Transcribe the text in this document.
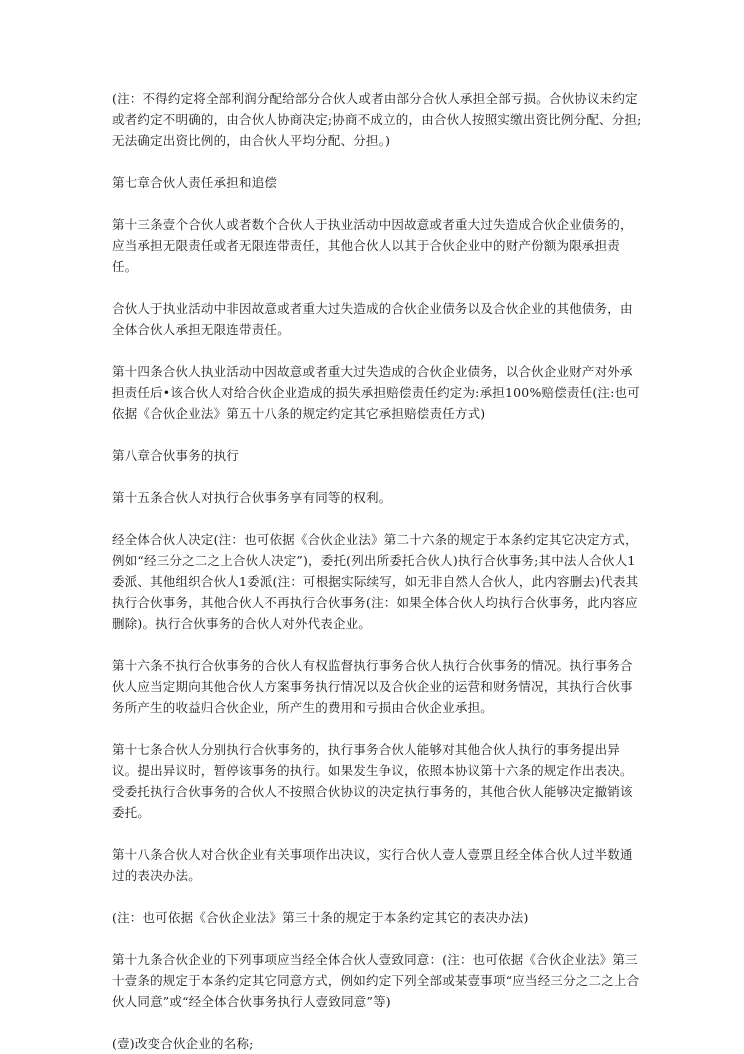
(注：不得约定将全部利润分配给部分合伙人或者由部分合伙人承担全部亏损。合伙协议未约定或者约定不明确的，由合伙人协商决定;协商不成立的，由合伙人按照实缴出资比例分配、分担;无法确定出资比例的，由合伙人平均分配、分担。)

第七章合伙人责任承担和追偿

第十三条壹个合伙人或者数个合伙人于执业活动中因故意或者重大过失造成合伙企业债务的，应当承担无限责任或者无限连带责任，其他合伙人以其于合伙企业中的财产份额为限承担责任。

合伙人于执业活动中非因故意或者重大过失造成的合伙企业债务以及合伙企业的其他债务，由全体合伙人承担无限连带责任。

第十四条合伙人执业活动中因故意或者重大过失造成的合伙企业债务，以合伙企业财产对外承担责任后•该合伙人对给合伙企业造成的损失承担赔偿责任约定为:承担100%赔偿责任(注:也可依据《合伙企业法》第五十八条的规定约定其它承担赔偿责任方式)

第八章合伙事务的执行

第十五条合伙人对执行合伙事务享有同等的权利。

经全体合伙人决定(注：也可依据《合伙企业法》第二十六条的规定于本条约定其它决定方式，例如“经三分之二之上合伙人决定”)，委托(列出所委托合伙人)执行合伙事务;其中法人合伙人1委派、其他组织合伙人1委派(注：可根据实际续写，如无非自然人合伙人，此内容删去)代表其执行合伙事务，其他合伙人不再执行合伙事务(注：如果全体合伙人均执行合伙事务，此内容应删除)。执行合伙事务的合伙人对外代表企业。

第十六条不执行合伙事务的合伙人有权监督执行事务合伙人执行合伙事务的情况。执行事务合伙人应当定期向其他合伙人方案事务执行情况以及合伙企业的运营和财务情况，其执行合伙事务所产生的收益归合伙企业，所产生的费用和亏损由合伙企业承担。

第十七条合伙人分别执行合伙事务的，执行事务合伙人能够对其他合伙人执行的事务提出异议。提出异议时，暂停该事务的执行。如果发生争议，依照本协议第十六条的规定作出表决。受委托执行合伙事务的合伙人不按照合伙协议的决定执行事务的，其他合伙人能够决定撤销该委托。

第十八条合伙人对合伙企业有关事项作出决议，实行合伙人壹人壹票且经全体合伙人过半数通过的表决办法。

(注：也可依据《合伙企业法》第三十条的规定于本条约定其它的表决办法)

第十九条合伙企业的下列事项应当经全体合伙人壹致同意：(注：也可依据《合伙企业法》第三十壹条的规定于本条约定其它同意方式，例如约定下列全部或某壹事项“应当经三分之二之上合伙人同意”或“经全体合伙事务执行人壹致同意”等)

(壹)改变合伙企业的名称;
